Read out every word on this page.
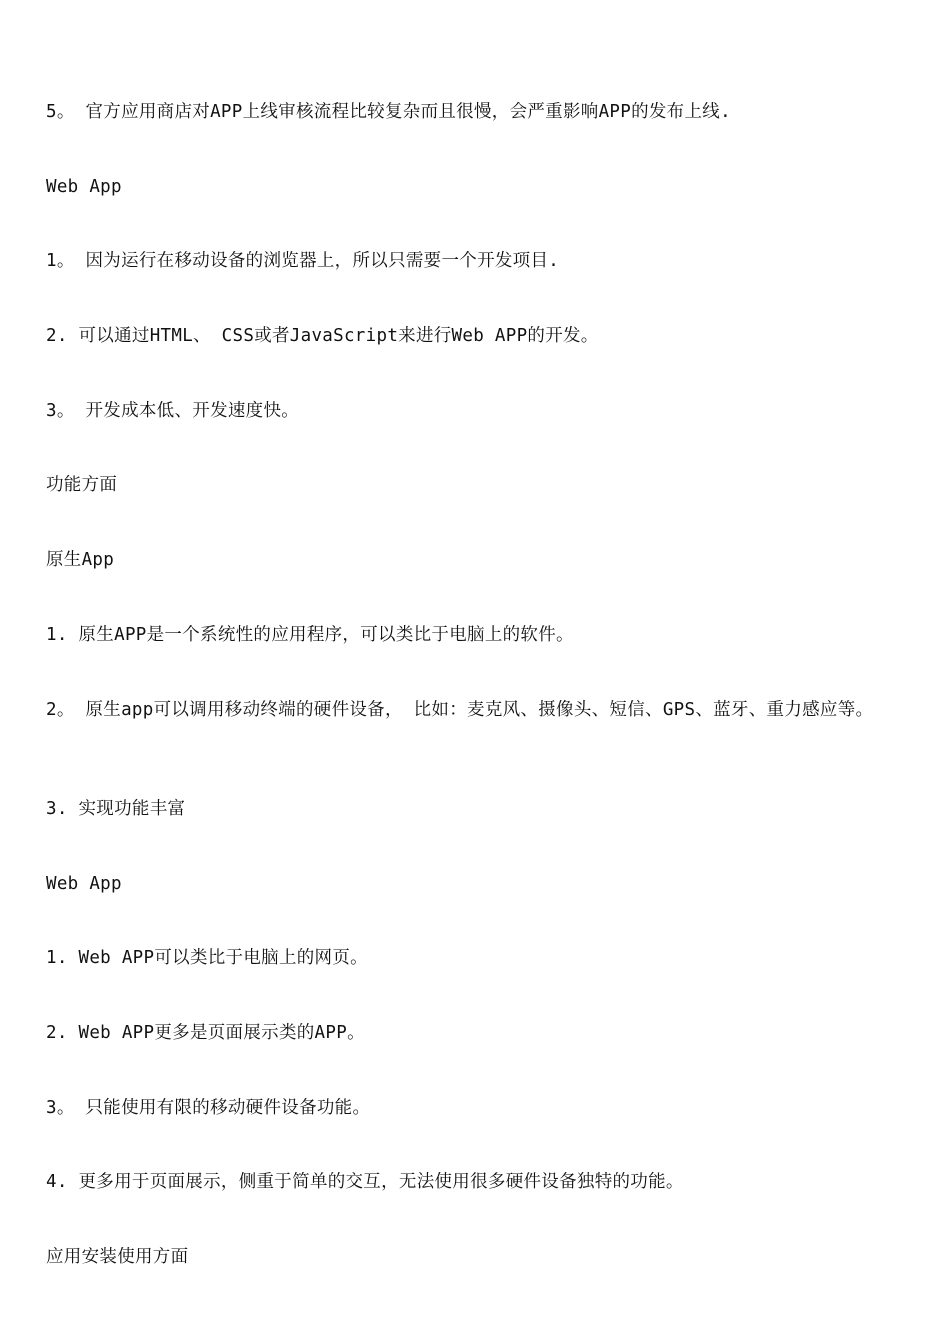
5。 官方应用商店对APP上线审核流程比较复杂而且很慢，会严重影响APP的发布上线.
Web App
1。 因为运行在移动设备的浏览器上，所以只需要一个开发项目.
2. 可以通过HTML、 CSS或者JavaScript来进行Web APP的开发。
3。 开发成本低、开发速度快。
功能方面
原生App
1. 原生APP是一个系统性的应用程序，可以类比于电脑上的软件。
2。 原生app可以调用移动终端的硬件设备， 比如：麦克风、摄像头、短信、GPS、蓝牙、重力感应等。
3. 实现功能丰富
Web App
1. Web APP可以类比于电脑上的网页。
2. Web APP更多是页面展示类的APP。
3。 只能使用有限的移动硬件设备功能。
4. 更多用于页面展示，侧重于简单的交互，无法使用很多硬件设备独特的功能。
应用安装使用方面
